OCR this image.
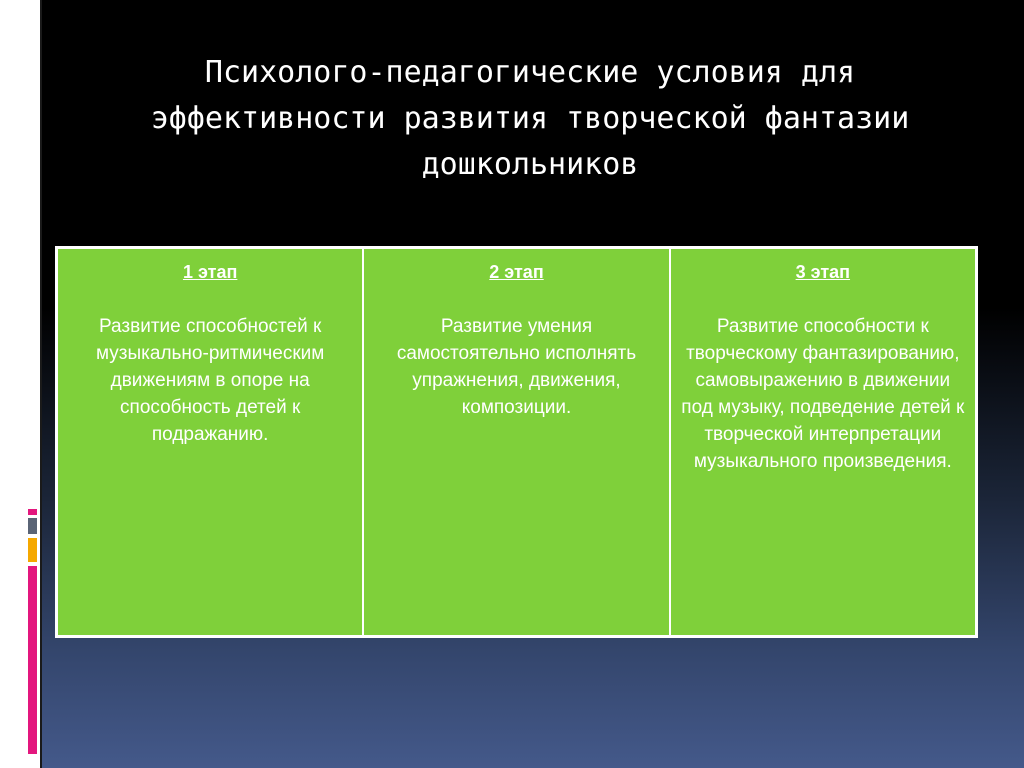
Психолого-педагогические условия для эффективности развития творческой фантазии дошкольников
1 этап
Развитие способностей к музыкально-ритмическим движениям в опоре на способность детей к подражанию.
2 этап
Развитие умения самостоятельно исполнять упражнения, движения, композиции.
3 этап
Развитие способности к творческому фантазированию, самовыражению в движении под музыку, подведение детей к творческой интерпретации музыкального произведения.
